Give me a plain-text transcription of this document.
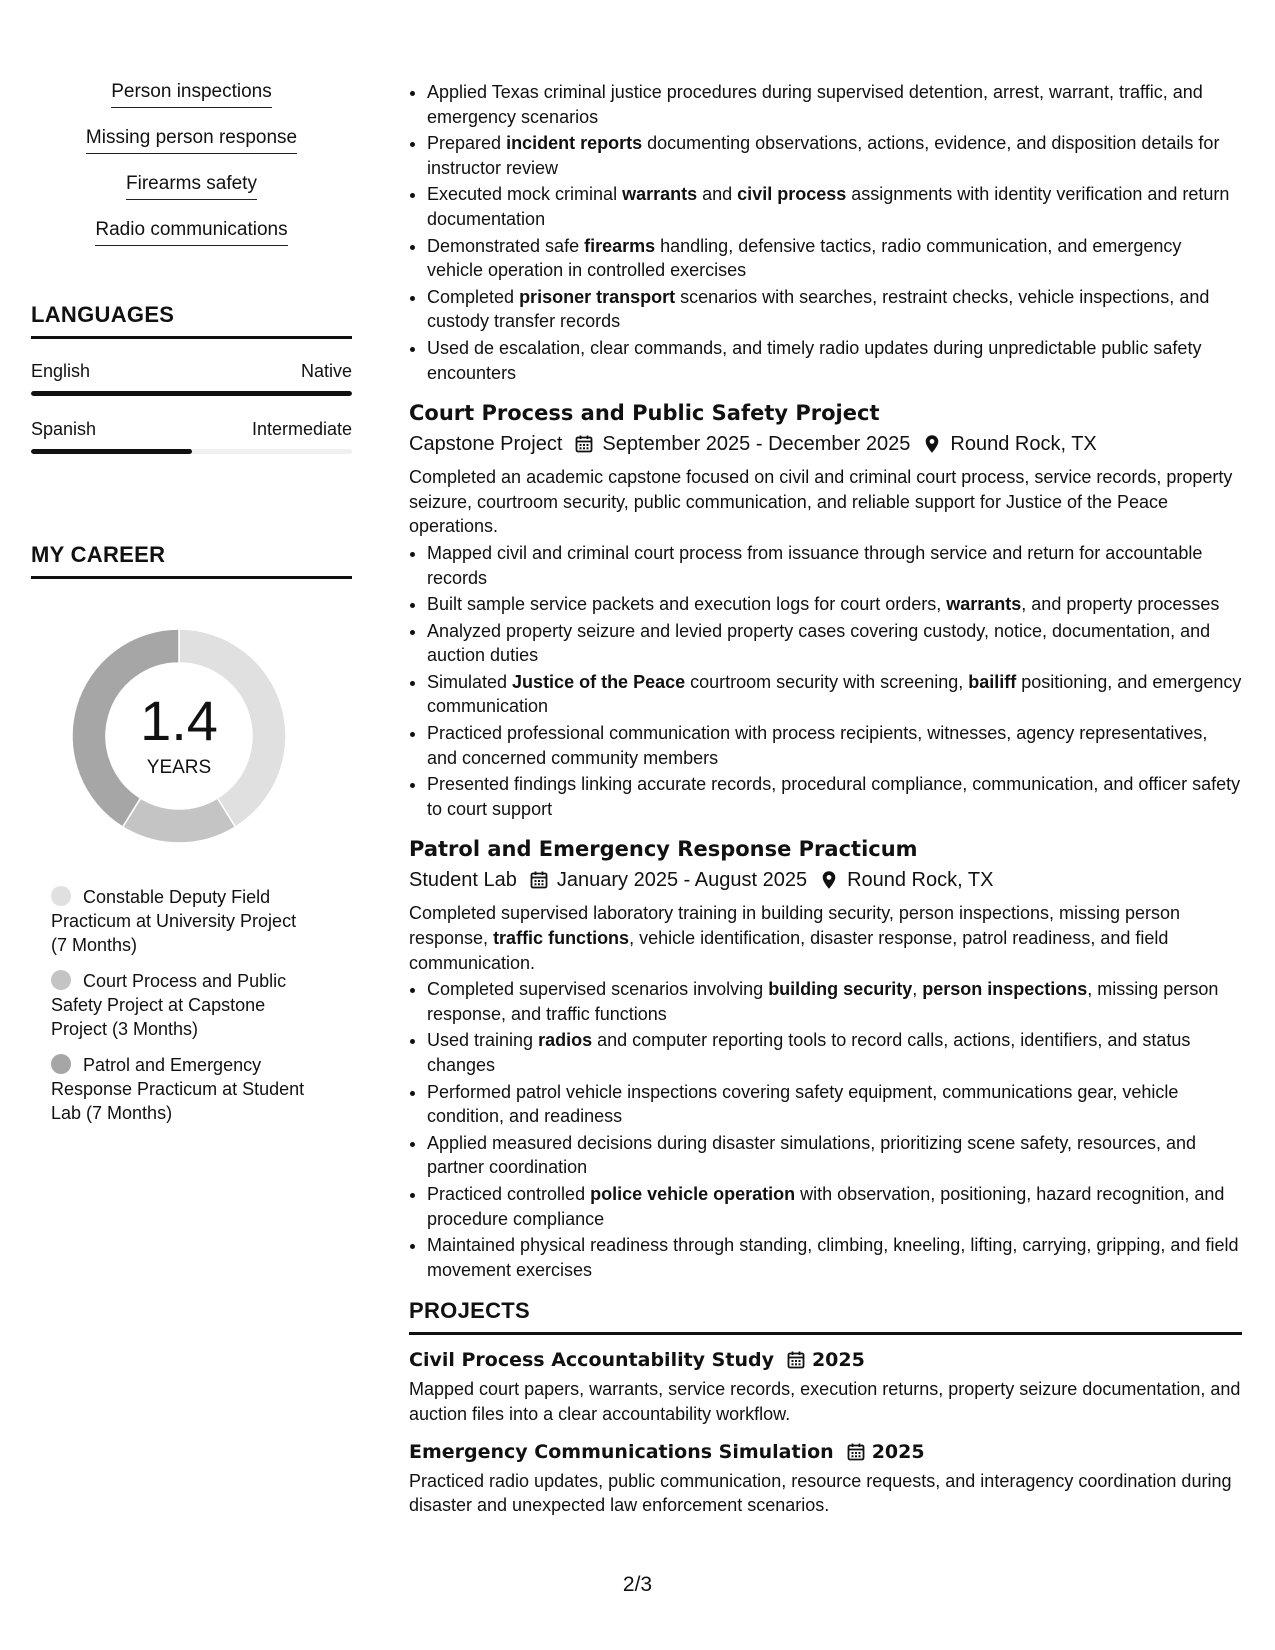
Person inspections
Missing person response
Firearms safety
Radio communications
LANGUAGES
English	Native
Spanish	Intermediate
MY CAREER
1.4
YEARS
Constable Deputy Field Practicum at University Project (7 Months)
Court Process and Public Safety Project at Capstone Project (3 Months)
Patrol and Emergency Response Practicum at Student Lab (7 Months)
• Applied Texas criminal justice procedures during supervised detention, arrest, warrant, traffic, and emergency scenarios
• Prepared incident reports documenting observations, actions, evidence, and disposition details for instructor review
• Executed mock criminal warrants and civil process assignments with identity verification and return documentation
• Demonstrated safe firearms handling, defensive tactics, radio communication, and emergency vehicle operation in controlled exercises
• Completed prisoner transport scenarios with searches, restraint checks, vehicle inspections, and custody transfer records
• Used de escalation, clear commands, and timely radio updates during unpredictable public safety encounters
Court Process and Public Safety Project
Capstone Project September 2025 - December 2025 Round Rock, TX
Completed an academic capstone focused on civil and criminal court process, service records, property seizure, courtroom security, public communication, and reliable support for Justice of the Peace operations.
• Mapped civil and criminal court process from issuance through service and return for accountable records
• Built sample service packets and execution logs for court orders, warrants, and property processes
• Analyzed property seizure and levied property cases covering custody, notice, documentation, and auction duties
• Simulated Justice of the Peace courtroom security with screening, bailiff positioning, and emergency communication
• Practiced professional communication with process recipients, witnesses, agency representatives, and concerned community members
• Presented findings linking accurate records, procedural compliance, communication, and officer safety to court support
Patrol and Emergency Response Practicum
Student Lab January 2025 - August 2025 Round Rock, TX
Completed supervised laboratory training in building security, person inspections, missing person response, traffic functions, vehicle identification, disaster response, patrol readiness, and field communication.
• Completed supervised scenarios involving building security, person inspections, missing person response, and traffic functions
• Used training radios and computer reporting tools to record calls, actions, identifiers, and status changes
• Performed patrol vehicle inspections covering safety equipment, communications gear, vehicle condition, and readiness
• Applied measured decisions during disaster simulations, prioritizing scene safety, resources, and partner coordination
• Practiced controlled police vehicle operation with observation, positioning, hazard recognition, and procedure compliance
• Maintained physical readiness through standing, climbing, kneeling, lifting, carrying, gripping, and field movement exercises
PROJECTS
Civil Process Accountability Study 2025
Mapped court papers, warrants, service records, execution returns, property seizure documentation, and auction files into a clear accountability workflow.
Emergency Communications Simulation 2025
Practiced radio updates, public communication, resource requests, and interagency coordination during disaster and unexpected law enforcement scenarios.
2/3
